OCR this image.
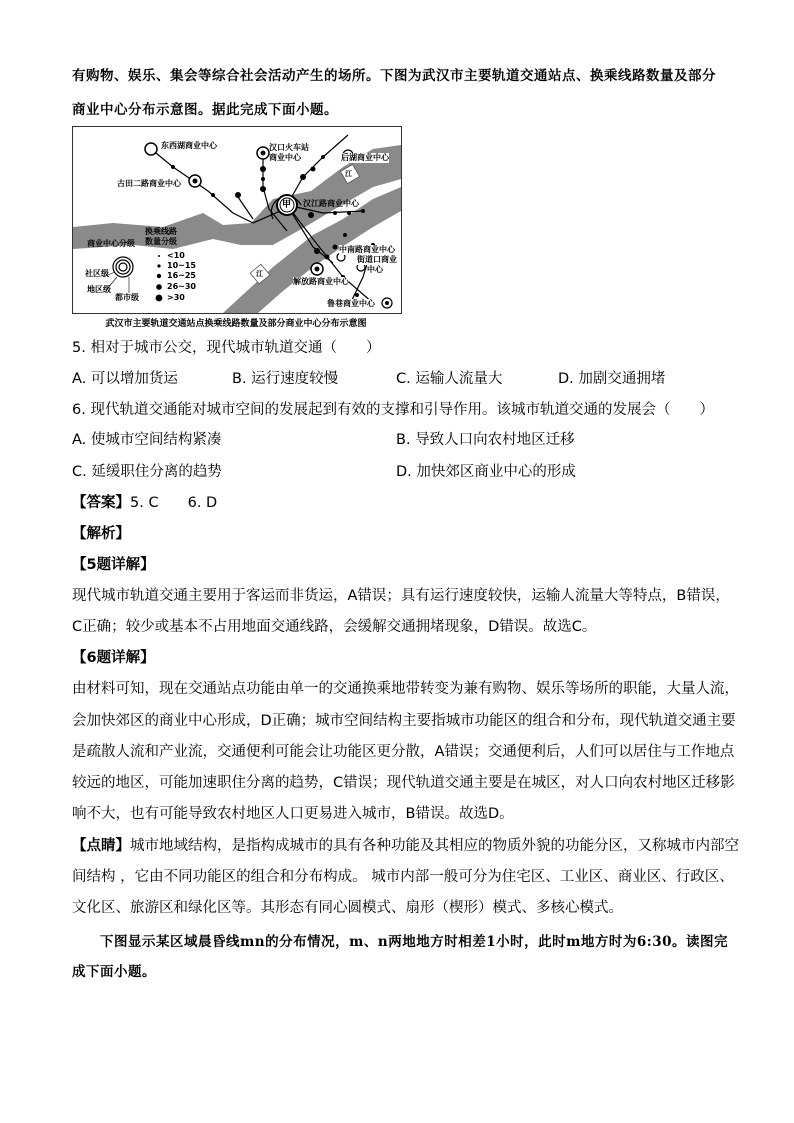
有购物、娱乐、集会等综合社会活动产生的场所。下图为武汉市主要轨道交通站点、换乘线路数量及部分
商业中心分布示意图。据此完成下面小题。
东西湖商业中心	汉口火车站
商业中心	后湖商业中心
古田二路商业中心
甲 汉江路商业中心
中南路商业中心
街道口商业
中心
解放路商业中心
鲁巷商业中心
江
江
换乘线路
数量分级
商业中心分级
社区级
地区级
都市级
<10
10~15
16~25
26~30
>30
武汉市主要轨道交通站点换乘线路数量及部分商业中心分布示意图
5. 相对于城市公交，现代城市轨道交通（　　）
A. 可以增加货运	B. 运行速度较慢	C. 运输人流量大	D. 加剧交通拥堵
6. 现代轨道交通能对城市空间的发展起到有效的支撑和引导作用。该城市轨道交通的发展会（　　）
A. 使城市空间结构紧凑	B. 导致人口向农村地区迁移
C. 延缓职住分离的趋势	D. 加快郊区商业中心的形成
【答案】5. C　　6. D
【解析】
【5题详解】
现代城市轨道交通主要用于客运而非货运，A错误；具有运行速度较快，运输人流量大等特点，B错误，
C正确；较少或基本不占用地面交通线路，会缓解交通拥堵现象，D错误。故选C。
【6题详解】
由材料可知，现在交通站点功能由单一的交通换乘地带转变为兼有购物、娱乐等场所的职能，大量人流，
会加快郊区的商业中心形成，D正确；城市空间结构主要指城市功能区的组合和分布，现代轨道交通主要
是疏散人流和产业流，交通便利可能会让功能区更分散，A错误；交通便利后，人们可以居住与工作地点
较远的地区，可能加速职住分离的趋势，C错误；现代轨道交通主要是在城区，对人口向农村地区迁移影
响不大，也有可能导致农村地区人口更易进入城市，B错误。故选D。
【点睛】城市地域结构，是指构成城市的具有各种功能及其相应的物质外貌的功能分区，又称城市内部空
间结构 ，它由不同功能区的组合和分布构成。 城市内部一般可分为住宅区、工业区、商业区、行政区、
文化区、旅游区和绿化区等。其形态有同心圆模式、扇形（楔形）模式、多核心模式。
下图显示某区域晨昏线mn的分布情况，m、n两地地方时相差1小时，此时m地方时为6:30。读图完
成下面小题。
